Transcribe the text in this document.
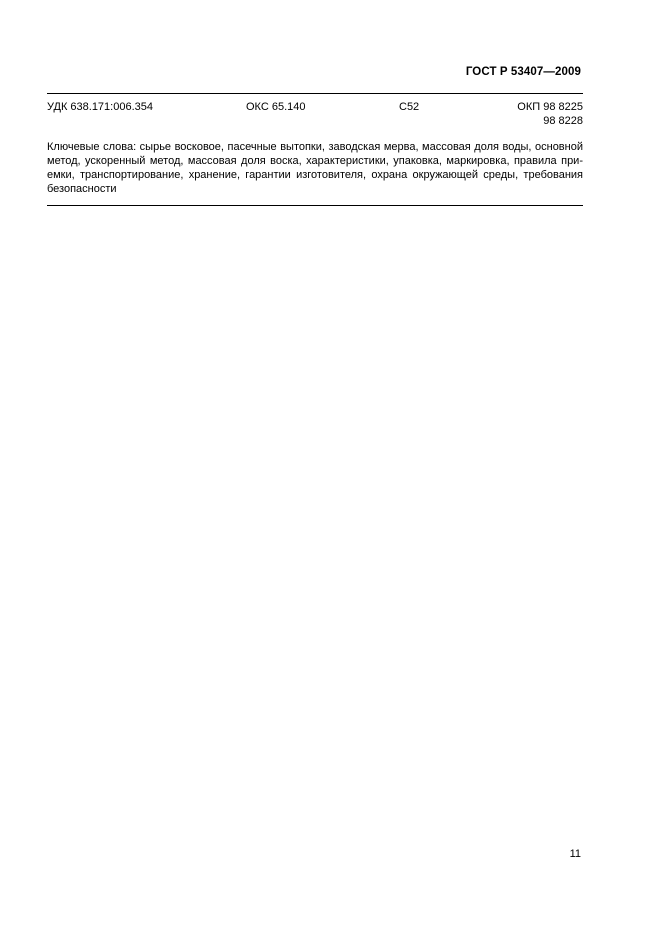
ГОСТ Р 53407—2009
УДК 638.171:006.354	ОКС 65.140	С52	ОКП 98 8225
98 8228
Ключевые слова: сырье восковое, пасечные вытопки, заводская мерва, массовая доля воды, основной
метод, ускоренный метод, массовая доля воска, характеристики, упаковка, маркировка, правила при-
емки, транспортирование, хранение, гарантии изготовителя, охрана окружающей среды, требования
безопасности
11
